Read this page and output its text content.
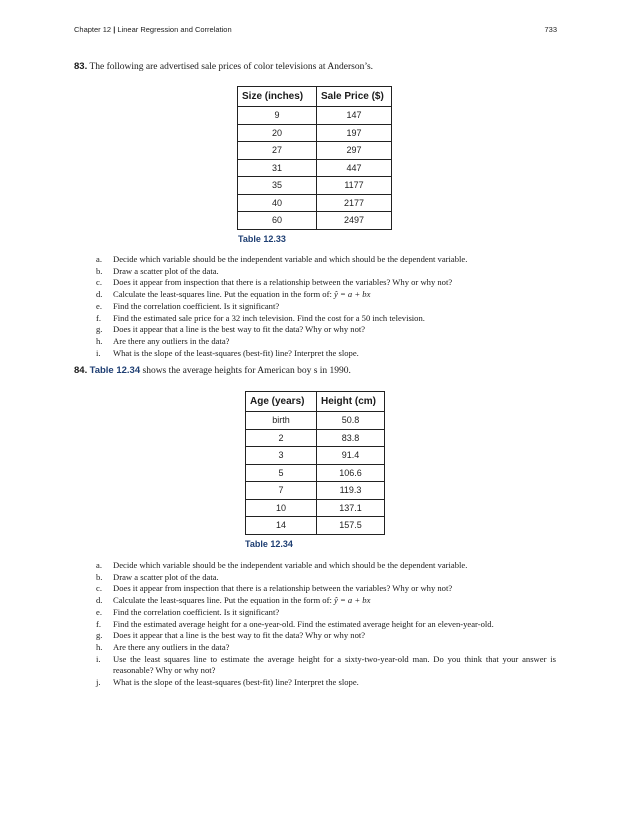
Chapter 12 | Linear Regression and Correlation	733
83. The following are advertised sale prices of color televisions at Anderson’s.
Size (inches)	Sale Price ($)
9	147
20	197
27	297
31	447
35	1177
40	2177
60	2497
Table 12.33
a. Decide which variable should be the independent variable and which should be the dependent variable.
b. Draw a scatter plot of the data.
c. Does it appear from inspection that there is a relationship between the variables? Why or why not?
d. Calculate the least-squares line. Put the equation in the form of: ŷ = a + bx
e. Find the correlation coefficient. Is it significant?
f. Find the estimated sale price for a 32 inch television. Find the cost for a 50 inch television.
g. Does it appear that a line is the best way to fit the data? Why or why not?
h. Are there any outliers in the data?
i. What is the slope of the least-squares (best-fit) line? Interpret the slope.
84. Table 12.34 shows the average heights for American boy s in 1990.
Age (years)	Height (cm)
birth	50.8
2	83.8
3	91.4
5	106.6
7	119.3
10	137.1
14	157.5
Table 12.34
a. Decide which variable should be the independent variable and which should be the dependent variable.
b. Draw a scatter plot of the data.
c. Does it appear from inspection that there is a relationship between the variables? Why or why not?
d. Calculate the least-squares line. Put the equation in the form of: ŷ = a + bx
e. Find the correlation coefficient. Is it significant?
f. Find the estimated average height for a one-year-old. Find the estimated average height for an eleven-year-old.
g. Does it appear that a line is the best way to fit the data? Why or why not?
h. Are there any outliers in the data?
i. Use the least squares line to estimate the average height for a sixty-two-year-old man. Do you think that your answer is reasonable? Why or why not?
j. What is the slope of the least-squares (best-fit) line? Interpret the slope.
